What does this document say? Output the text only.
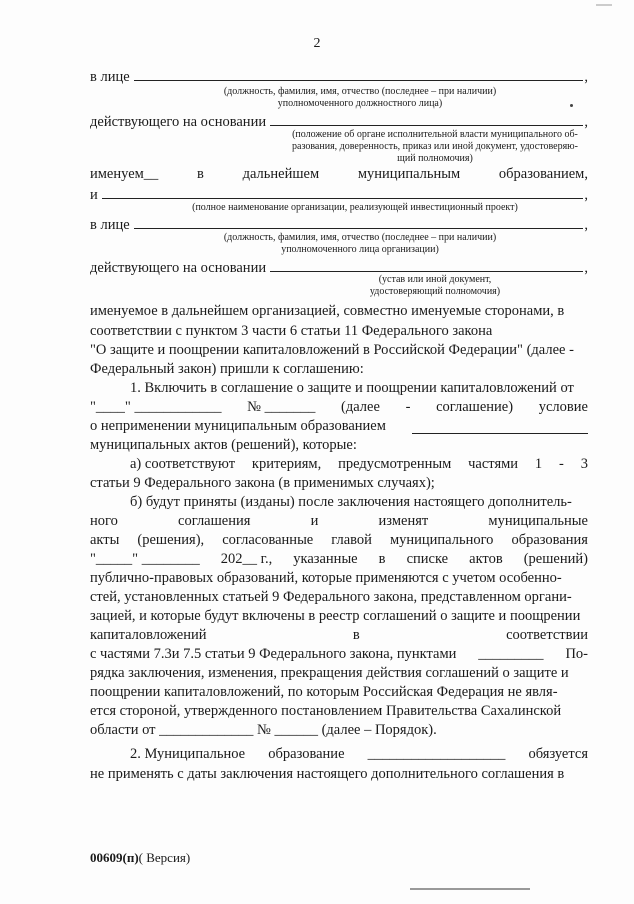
2
в лице	,
(должность, фамилия, имя, отчество (последнее – при наличии)
уполномоченного должностного лица)
действующего на основании	,
(положение об органе исполнительной власти муниципального об-
разования, доверенность, приказ или иной документ, удостоверяю-
щий полномочия)
именуем__	в	дальнейшем	муниципальным	образованием,
и	,
(полное наименование организации, реализующей инвестиционный проект)
в лице	,
(должность, фамилия, имя, отчество (последнее – при наличии)
уполномоченного лица организации)
действующего на основании	,
(устав или иной документ,
удостоверяющий полномочия)
именуемое в дальнейшем организацией, совместно именуемые сторонами, в
соответствии с пунктом 3 части 6 статьи 11 Федерального закона
"О защите и поощрении капиталовложений в Российской Федерации" (далее -
Федеральный закон) пришли к соглашению:
1. Включить в соглашение о защите и поощрении капиталовложений от
"____" ____________ № _______ (далее - соглашение) условие
о неприменении муниципальным образованием
муниципальных актов (решений), которые:
а) соответствуют критериям, предусмотренным частями 1 - 3
статьи 9 Федерального закона (в применимых случаях);
б) будут приняты (изданы) после заключения настоящего дополнитель-
ного	соглашения	и	изменят	муниципальные
акты (решения), согласованные главой муниципального образования
"_____" ________ 202__ г., указанные в списке актов (решений)
публично-правовых образований, которые применяются с учетом особеннo-
стей, установленных статьей 9 Федерального закона, представленном органи-
зацией, и которые будут включены в реестр соглашений о защите и поощрении
капиталовложений	в	соответствии
с частями 7.3и 7.5 статьи 9 Федерального закона, пунктами _________ По-
рядка заключения, изменения, прекращения действия соглашений о защите и
поощрении капиталовложений, по которым Российская Федерация не явля-
ется стороной, утвержденного постановлением Правительства Сахалинской
области от _____________ № ______ (далее – Порядок).
2. Муниципальное образование ___________________ обязуется
не применять с даты заключения настоящего дополнительного соглашения в
00609(п)( Версия)
